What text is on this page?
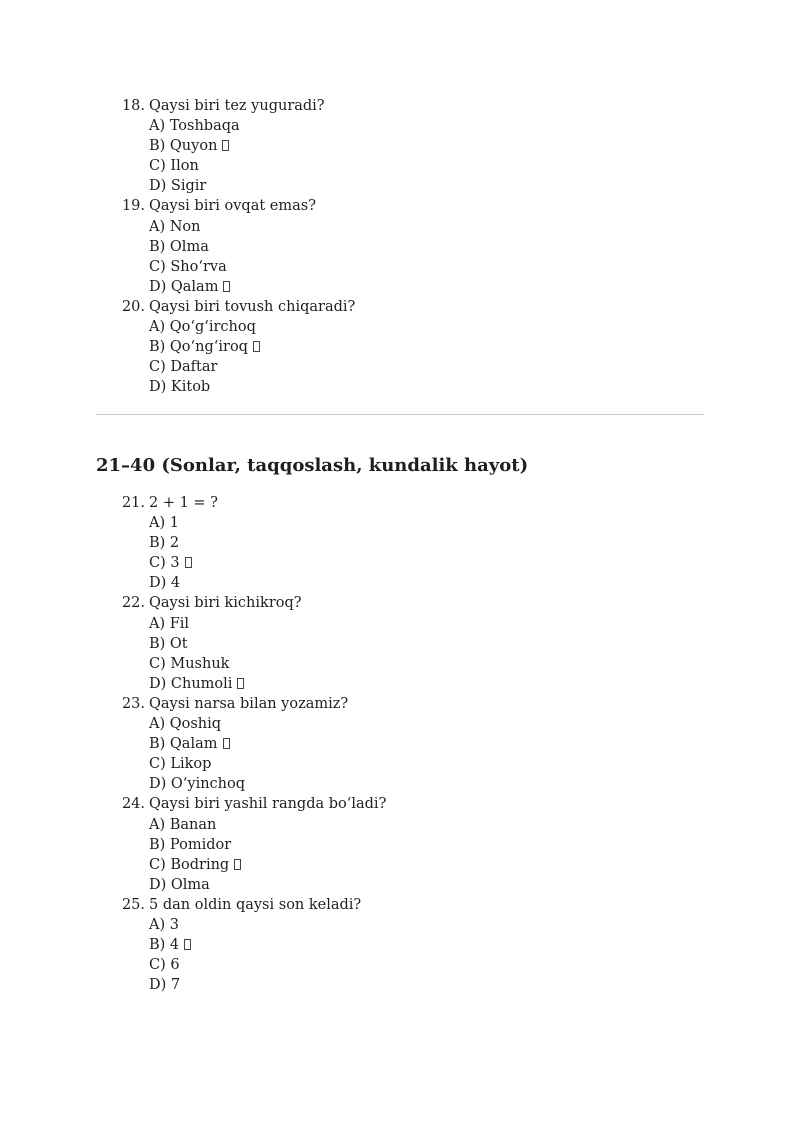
18. Qaysi biri tez yuguradi?
A) Toshbaqa
B) Quyon
C) Ilon
D) Sigir
19. Qaysi biri ovqat emas?
A) Non
B) Olma
C) Sho‘rva
D) Qalam
20. Qaysi biri tovush chiqaradi?
A) Qo‘g‘irchoq
B) Qo‘ng‘iroq
C) Daftar
D) Kitob
21–40 (Sonlar, taqqoslash, kundalik hayot)
21. 2 + 1 = ?
A) 1
B) 2
C) 3
D) 4
22. Qaysi biri kichikroq?
A) Fil
B) Ot
C) Mushuk
D) Chumoli
23. Qaysi narsa bilan yozamiz?
A) Qoshiq
B) Qalam
C) Likop
D) O‘yinchoq
24. Qaysi biri yashil rangda bo‘ladi?
A) Banan
B) Pomidor
C) Bodring
D) Olma
25. 5 dan oldin qaysi son keladi?
A) 3
B) 4
C) 6
D) 7
